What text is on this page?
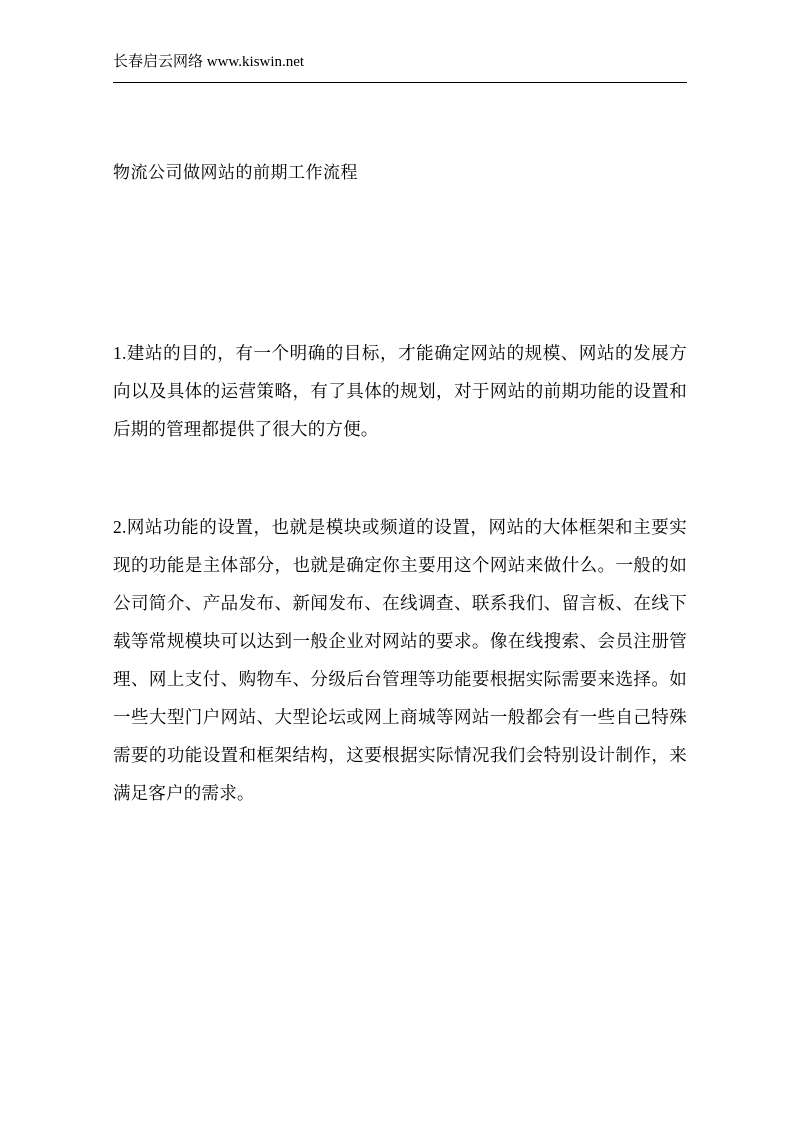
长春启云网络 www.kiswin.net
物流公司做网站的前期工作流程

1.建站的目的，有一个明确的目标，才能确定网站的规模、网站的发展方向以及具体的运营策略，有了具体的规划，对于网站的前期功能的设置和后期的管理都提供了很大的方便。

2.网站功能的设置，也就是模块或频道的设置，网站的大体框架和主要实现的功能是主体部分，也就是确定你主要用这个网站来做什么。一般的如公司简介、产品发布、新闻发布、在线调查、联系我们、留言板、在线下载等常规模块可以达到一般企业对网站的要求。像在线搜索、会员注册管理、网上支付、购物车、分级后台管理等功能要根据实际需要来选择。如一些大型门户网站、大型论坛或网上商城等网站一般都会有一些自己特殊需要的功能设置和框架结构，这要根据实际情况我们会特别设计制作，来满足客户的需求。
